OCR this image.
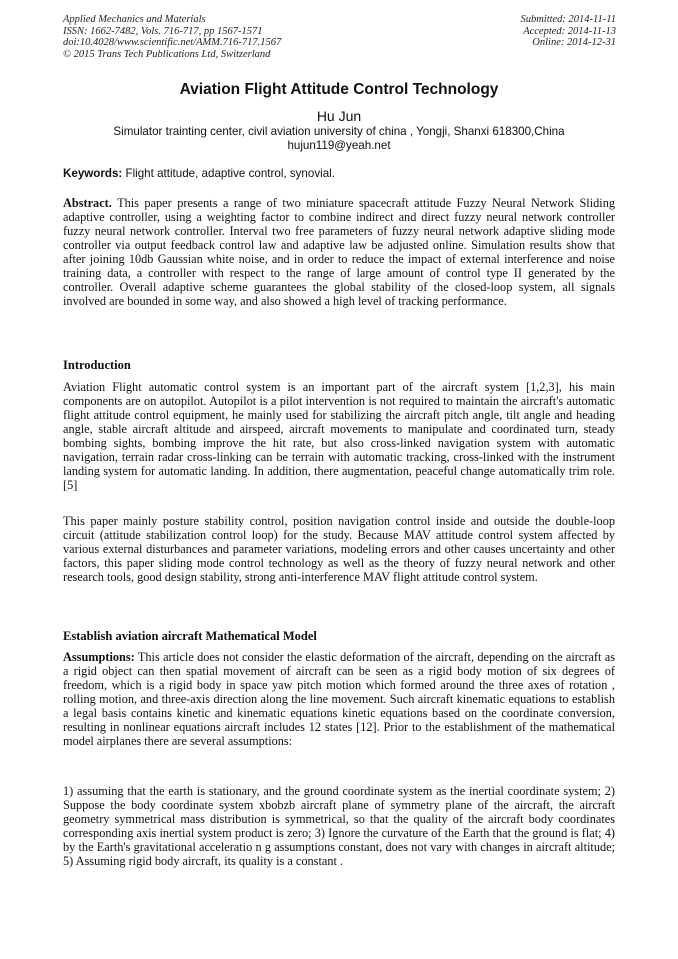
Applied Mechanics and Materials
ISSN: 1662-7482, Vols. 716-717, pp 1567-1571
doi:10.4028/www.scientific.net/AMM.716-717.1567
© 2015 Trans Tech Publications Ltd, Switzerland
Submitted: 2014-11-11
Accepted: 2014-11-13
Online: 2014-12-31
Aviation Flight Attitude Control Technology
Hu Jun
Simulator trainting center, civil aviation university of china , Yongji, Shanxi 618300,China
hujun119@yeah.net
Keywords: Flight attitude, adaptive control, synovial.
Abstract. This paper presents a range of two miniature spacecraft attitude Fuzzy Neural Network Sliding adaptive controller, using a weighting factor to combine indirect and direct fuzzy neural network controller fuzzy neural network controller. Interval two free parameters of fuzzy neural network adaptive sliding mode controller via output feedback control law and adaptive law be adjusted online. Simulation results show that after joining 10db Gaussian white noise, and in order to reduce the impact of external interference and noise training data, a controller with respect to the range of large amount of control type II generated by the controller. Overall adaptive scheme guarantees the global stability of the closed-loop system, all signals involved are bounded in some way, and also showed a high level of tracking performance.
Introduction
Aviation Flight automatic control system is an important part of the aircraft system [1,2,3], his main components are on autopilot. Autopilot is a pilot intervention is not required to maintain the aircraft's automatic flight attitude control equipment, he mainly used for stabilizing the aircraft pitch angle, tilt angle and heading angle, stable aircraft altitude and airspeed, aircraft movements to manipulate and coordinated turn, steady bombing sights, bombing improve the hit rate, but also cross-linked navigation system with automatic navigation, terrain radar cross-linking can be terrain with automatic tracking, cross-linked with the instrument landing system for automatic landing. In addition, there augmentation, peaceful change automatically trim role. [5]
This paper mainly posture stability control, position navigation control inside and outside the double-loop circuit (attitude stabilization control loop) for the study. Because MAV attitude control system affected by various external disturbances and parameter variations, modeling errors and other causes uncertainty and other factors, this paper sliding mode control technology as well as the theory of fuzzy neural network and other research tools, good design stability, strong anti-interference MAV flight attitude control system.
Establish aviation aircraft Mathematical Model
Assumptions: This article does not consider the elastic deformation of the aircraft, depending on the aircraft as a rigid object can then spatial movement of aircraft can be seen as a rigid body motion of six degrees of freedom, which is a rigid body in space yaw pitch motion which formed around the three axes of rotation , rolling motion, and three-axis direction along the line movement. Such aircraft kinematic equations to establish a legal basis contains kinetic and kinematic equations kinetic equations based on the coordinate conversion, resulting in nonlinear equations aircraft includes 12 states [12]. Prior to the establishment of the mathematical model airplanes there are several assumptions:
1) assuming that the earth is stationary, and the ground coordinate system as the inertial coordinate system; 2) Suppose the body coordinate system xbobzb aircraft plane of symmetry plane of the aircraft, the aircraft geometry symmetrical mass distribution is symmetrical, so that the quality of the aircraft body coordinates corresponding axis inertial system product is zero; 3) Ignore the curvature of the Earth that the ground is flat; 4) by the Earth's gravitational acceleratio n g assumptions constant, does not vary with changes in aircraft altitude; 5) Assuming rigid body aircraft, its quality is a constant .
